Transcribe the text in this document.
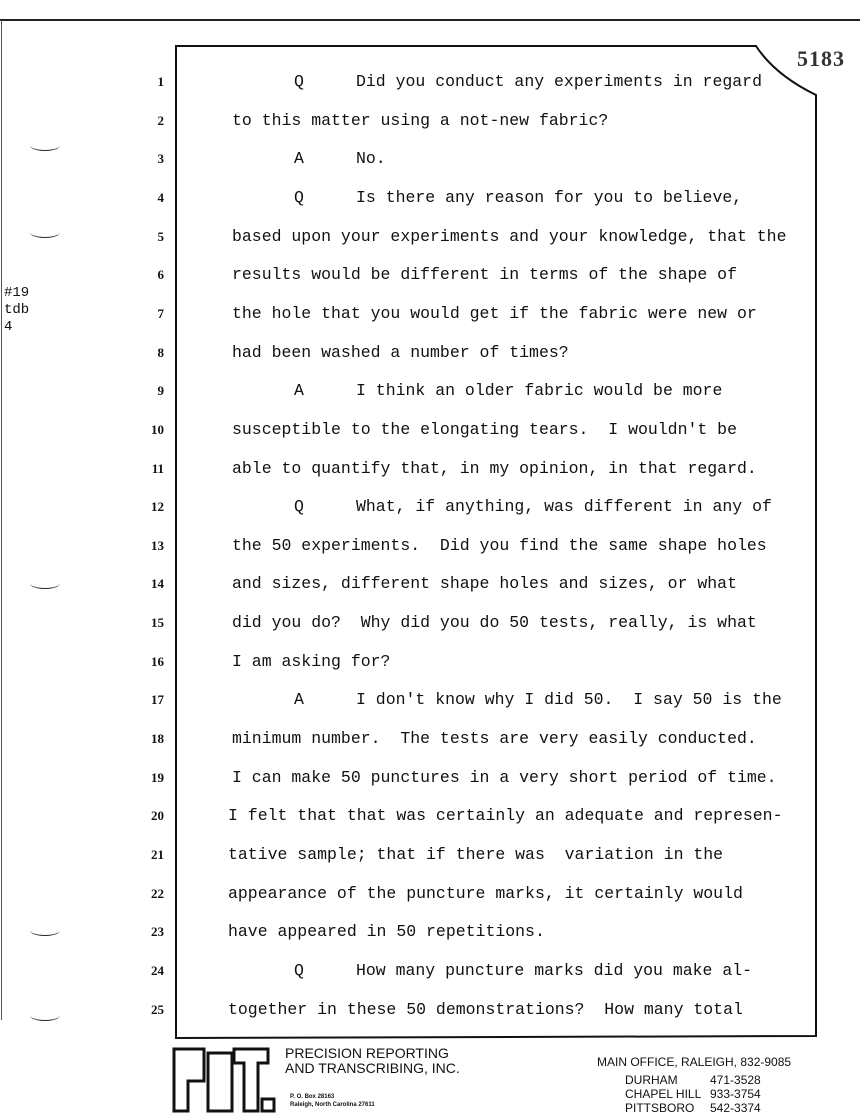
5183
#19
tdb
4
1	Q	Did you conduct any experiments in regard
2	to this matter using a not-new fabric?
3	A	No.
4	Q	Is there any reason for you to believe,
5	based upon your experiments and your knowledge, that the
6	results would be different in terms of the shape of
7	the hole that you would get if the fabric were new or
8	had been washed a number of times?
9	A	I think an older fabric would be more
10	susceptible to the elongating tears.  I wouldn't be
11	able to quantify that, in my opinion, in that regard.
12	Q	What, if anything, was different in any of
13	the 50 experiments.  Did you find the same shape holes
14	and sizes, different shape holes and sizes, or what
15	did you do?  Why did you do 50 tests, really, is what
16	I am asking for?
17	A	I don't know why I did 50.  I say 50 is the
18	minimum number.  The tests are very easily conducted.
19	I can make 50 punctures in a very short period of time.
20	I felt that that was certainly an adequate and represen-
21	tative sample; that if there was  variation in the
22	appearance of the puncture marks, it certainly would
23	have appeared in 50 repetitions.
24	Q	How many puncture marks did you make al-
25	together in these 50 demonstrations?  How many total
PRECISION REPORTING
AND TRANSCRIBING, INC.
P. O. Box 28163
Raleigh, North Carolina 27611
MAIN OFFICE, RALEIGH, 832-9085
DURHAM	471-3528
CHAPEL HILL 933-3754
PITTSBORO 542-3374
